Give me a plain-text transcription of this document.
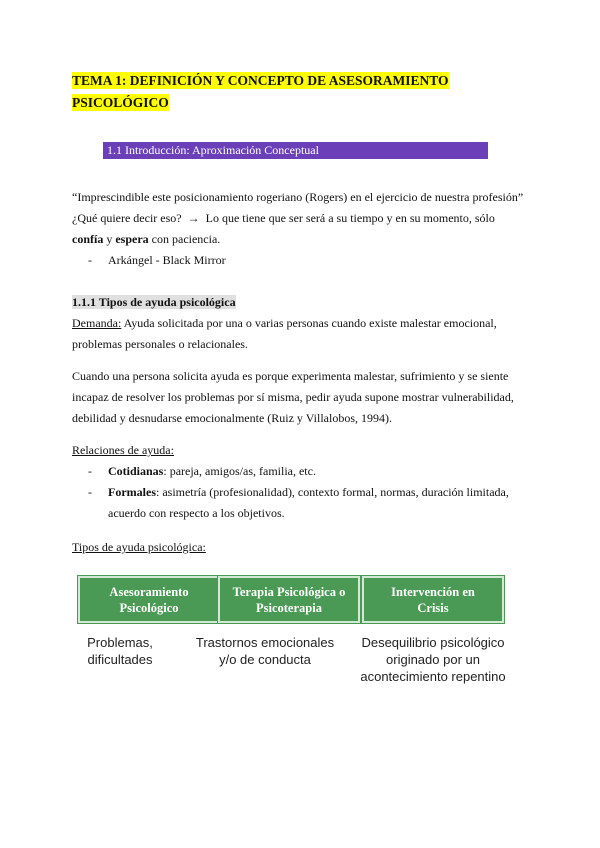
TEMA 1: DEFINICIÓN Y CONCEPTO DE ASESORAMIENTO
PSICOLÓGICO
1.1 Introducción: Aproximación Conceptual
“Imprescindible este posicionamiento rogeriano (Rogers) en el ejercicio de nuestra profesión”
¿Qué quiere decir eso? → Lo que tiene que ser será a su tiempo y en su momento, sólo
confía y espera con paciencia.
- Arkángel - Black Mirror
1.1.1 Tipos de ayuda psicológica
Demanda: Ayuda solicitada por una o varias personas cuando existe malestar emocional,
problemas personales o relacionales.
Cuando una persona solicita ayuda es porque experimenta malestar, sufrimiento y se siente
incapaz de resolver los problemas por sí misma, pedir ayuda supone mostrar vulnerabilidad,
debilidad y desnudarse emocionalmente (Ruiz y Villalobos, 1994).
Relaciones de ayuda:
- Cotidianas: pareja, amigos/as, familia, etc.
- Formales: asimetría (profesionalidad), contexto formal, normas, duración limitada,
acuerdo con respecto a los objetivos.
Tipos de ayuda psicológica:
Asesoramiento
Psicológico
Terapia Psicológica o
Psicoterapia
Intervención en
Crisis
Problemas,
dificultades
Trastornos emocionales
y/o de conducta
Desequilibrio psicológico
originado por un
acontecimiento repentino
